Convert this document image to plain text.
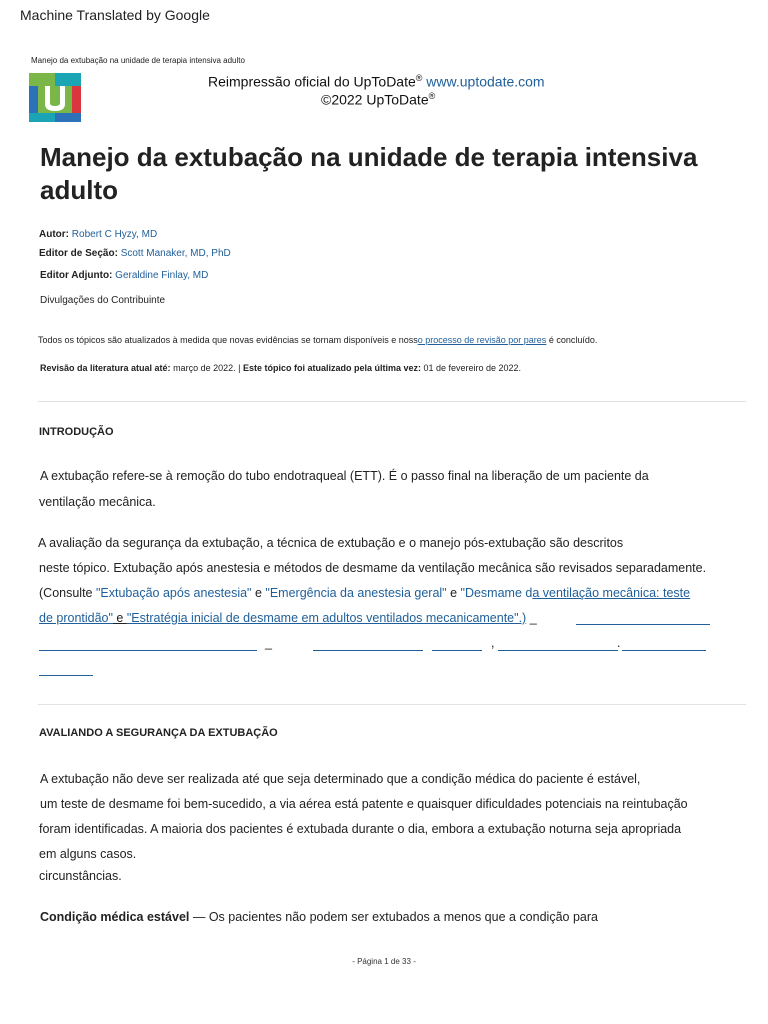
Machine Translated by Google
Manejo da extubação na unidade de terapia intensiva adulto
Reimpressão oficial do UpToDate® www.uptodate.com
©2022 UpToDate®
Manejo da extubação na unidade de terapia intensiva
adulto
Autor: Robert C Hyzy, MD
Editor de Seção: Scott Manaker, MD, PhD
Editor Adjunto: Geraldine Finlay, MD
Divulgações do Contribuinte
Todos os tópicos são atualizados à medida que novas evidências se tornam disponíveis e nosso processo de revisão por pares é concluído.
Revisão da literatura atual até: março de 2022. | Este tópico foi atualizado pela última vez: 01 de fevereiro de 2022.
INTRODUÇÃO
A extubação refere-se à remoção do tubo endotraqueal (ETT). É o passo final na liberação de um paciente da
ventilação mecânica.
A avaliação da segurança da extubação, a técnica de extubação e o manejo pós-extubação são descritos
neste tópico. Extubação após anestesia e métodos de desmame da ventilação mecânica são revisados separadamente.
(Consulte "Extubação após anestesia" e "Emergência da anestesia geral" e "Desmame da ventilação mecânica: teste
de prontidão" e "Estratégia inicial de desmame em adultos ventilados mecanicamente".) _
_	,	.
AVALIANDO A SEGURANÇA DA EXTUBAÇÃO
A extubação não deve ser realizada até que seja determinado que a condição médica do paciente é estável,
um teste de desmame foi bem-sucedido, a via aérea está patente e quaisquer dificuldades potenciais na reintubação
foram identificadas. A maioria dos pacientes é extubada durante o dia, embora a extubação noturna seja apropriada
em alguns casos.
circunstâncias.
Condição médica estável — Os pacientes não podem ser extubados a menos que a condição para
- Página 1 de 33 -
